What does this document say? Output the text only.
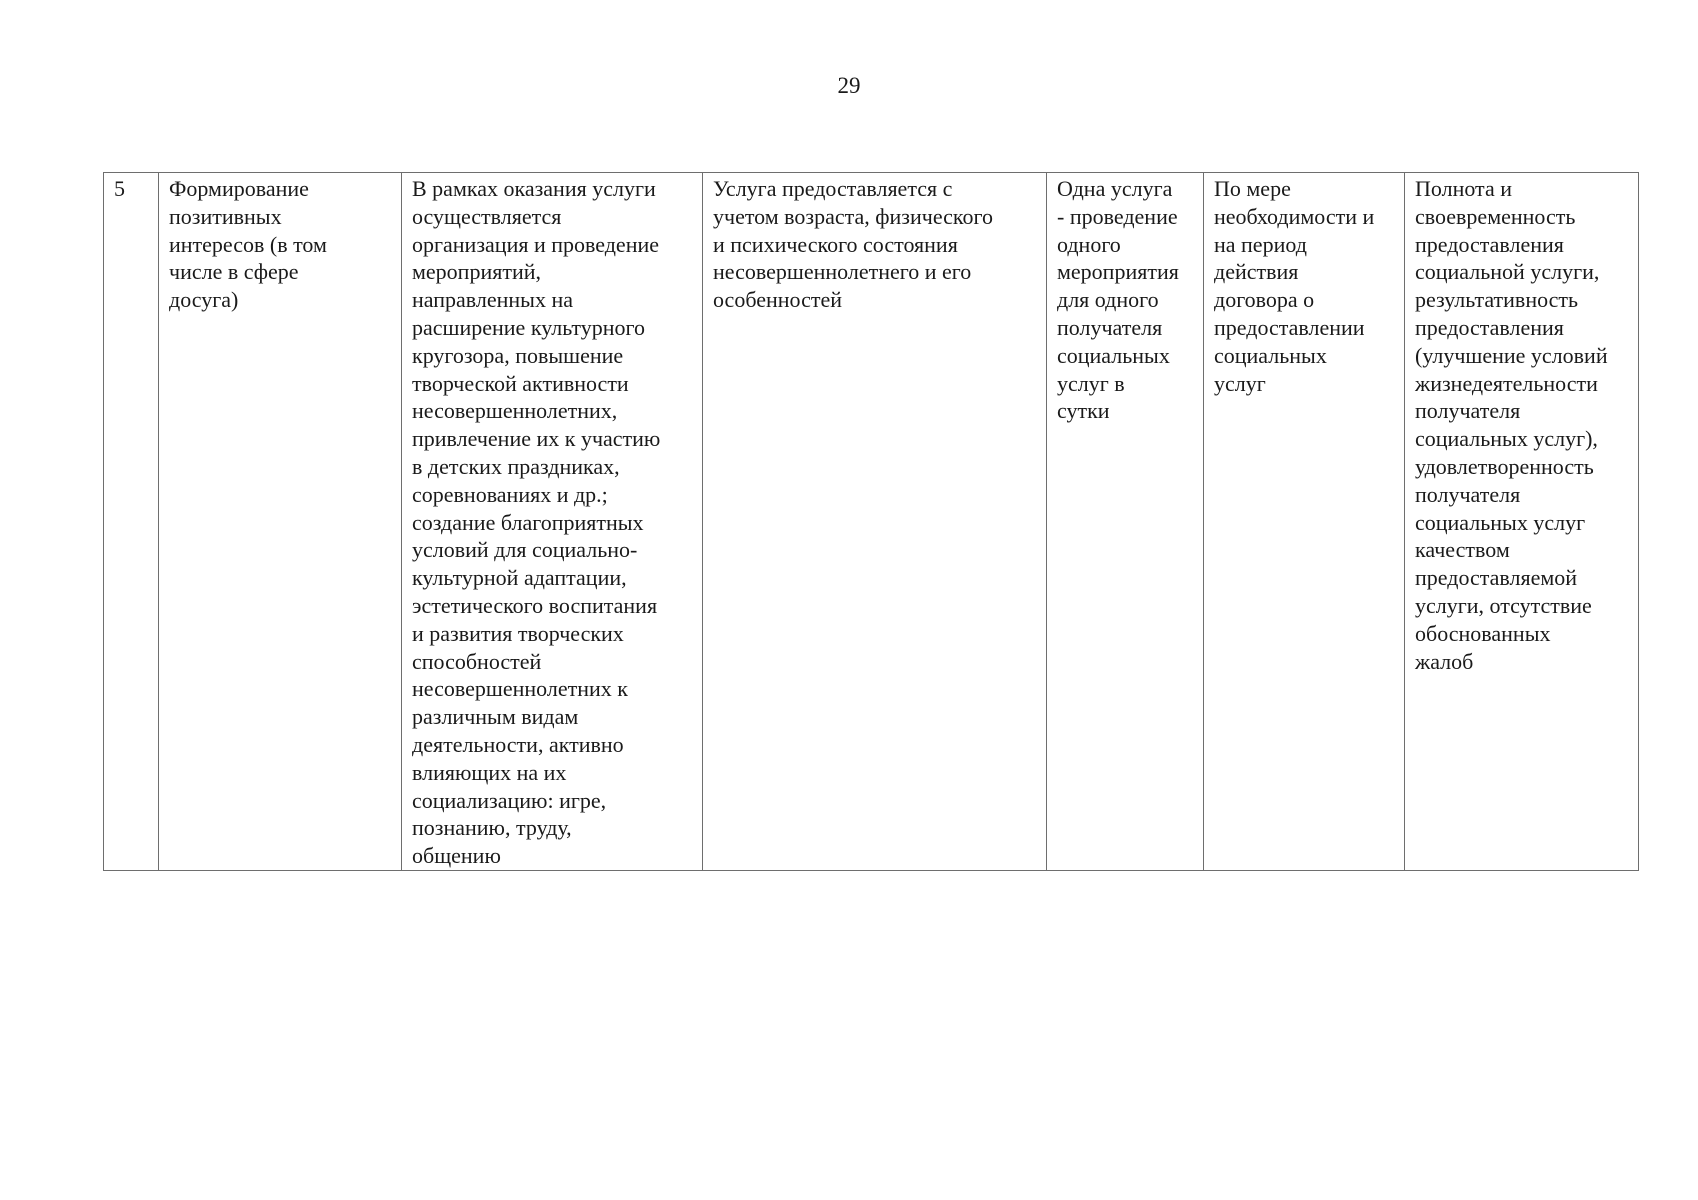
29
5	Формирование
позитивных
интересов (в том
числе в сфере
досуга)	В рамках оказания услуги
осуществляется
организация и проведение
мероприятий,
направленных на
расширение культурного
кругозора, повышение
творческой активности
несовершеннолетних,
привлечение их к участию
в детских праздниках,
соревнованиях и др.;
создание благоприятных
условий для социально-
культурной адаптации,
эстетического воспитания
и развития творческих
способностей
несовершеннолетних к
различным видам
деятельности, активно
влияющих на их
социализацию: игре,
познанию, труду,
общению	Услуга предоставляется с
учетом возраста, физического
и психического состояния
несовершеннолетнего и его
особенностей	Одна услуга
- проведение
одного
мероприятия
для одного
получателя
социальных
услуг в
сутки	По мере
необходимости и
на период
действия
договора о
предоставлении
социальных
услуг	Полнота и
своевременность
предоставления
социальной услуги,
результативность
предоставления
(улучшение условий
жизнедеятельности
получателя
социальных услуг),
удовлетворенность
получателя
социальных услуг
качеством
предоставляемой
услуги, отсутствие
обоснованных
жалоб
